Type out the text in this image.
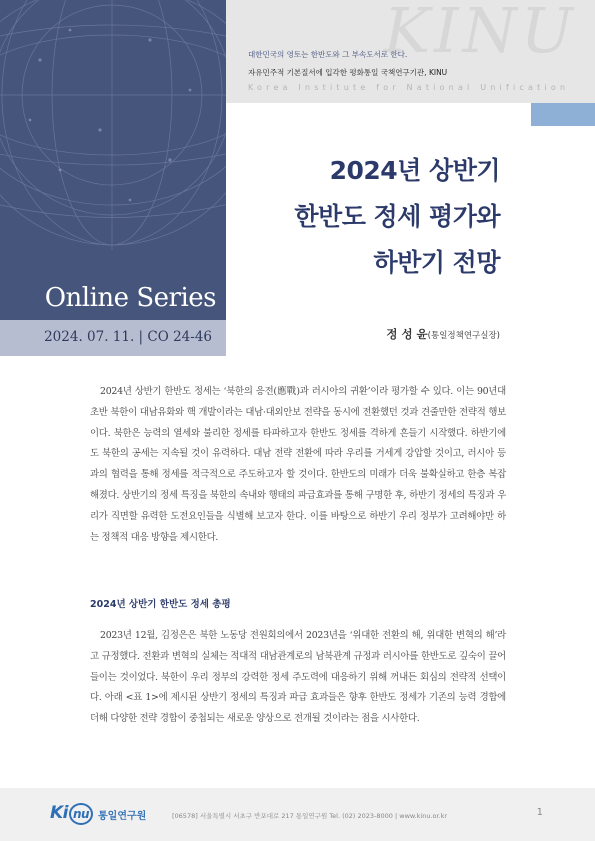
Online Series
2024. 07. 11. | CO 24-46
KINU
대한민국의 영토는 한반도와 그 부속도서로 한다.
자유민주적 기본질서에 입각한 평화통일 국책연구기관, KINU
Korea Institute for National Unification
2024년 상반기
한반도 정세 평가와
하반기 전망
정 성 윤(통일정책연구실장)

2024년 상반기 한반도 정세는 ‘북한의 응전(應戰)과 러시아의 귀환’이라 평가할 수 있다. 이는 90년대 초반 북한이 대남유화와 핵 개발이라는 대남·대외안보 전략을 동시에 전환했던 것과 견줄만한 전략적 행보이다. 북한은 능력의 열세와 불리한 정세를 타파하고자 한반도 정세를 격하게 흔들기 시작했다. 하반기에도 북한의 공세는 지속될 것이 유력하다. 대남 전략 전환에 따라 우리를 거세게 강압할 것이고, 러시아 등과의 협력을 통해 정세를 적극적으로 주도하고자 할 것이다. 한반도의 미래가 더욱 불확실하고 한층 복잡해졌다. 상반기의 정세 특징을 북한의 속내와 행태의 파급효과를 통해 구명한 후, 하반기 정세의 특징과 우리가 직면할 유력한 도전요인들을 식별해 보고자 한다. 이를 바탕으로 하반기 우리 정부가 고려해야만 하는 정책적 대응 방향을 제시한다.

2024년 상반기 한반도 정세 총평

2023년 12월, 김정은은 북한 노동당 전원회의에서 2023년을 ‘위대한 전환의 해, 위대한 변혁의 해’라고 규정했다. 전환과 변혁의 실체는 적대적 대남관계로의 남북관계 규정과 러시아를 한반도로 깊숙이 끌어들이는 것이었다. 북한이 우리 정부의 강력한 정세 주도력에 대응하기 위해 꺼내든 회심의 전략적 선택이다. 아래 <표 1>에 제시된 상반기 정세의 특징과 파급 효과들은 향후 한반도 정세가 기존의 능력 경합에 더해 다양한 전략 경합이 중첩되는 새로운 양상으로 전개될 것이라는 점을 시사한다.

Ki nu 통일연구원	[06578] 서울특별시 서초구 반포대로 217 통일연구원 Tel. (02) 2023-8000 | www.kinu.or.kr	1
